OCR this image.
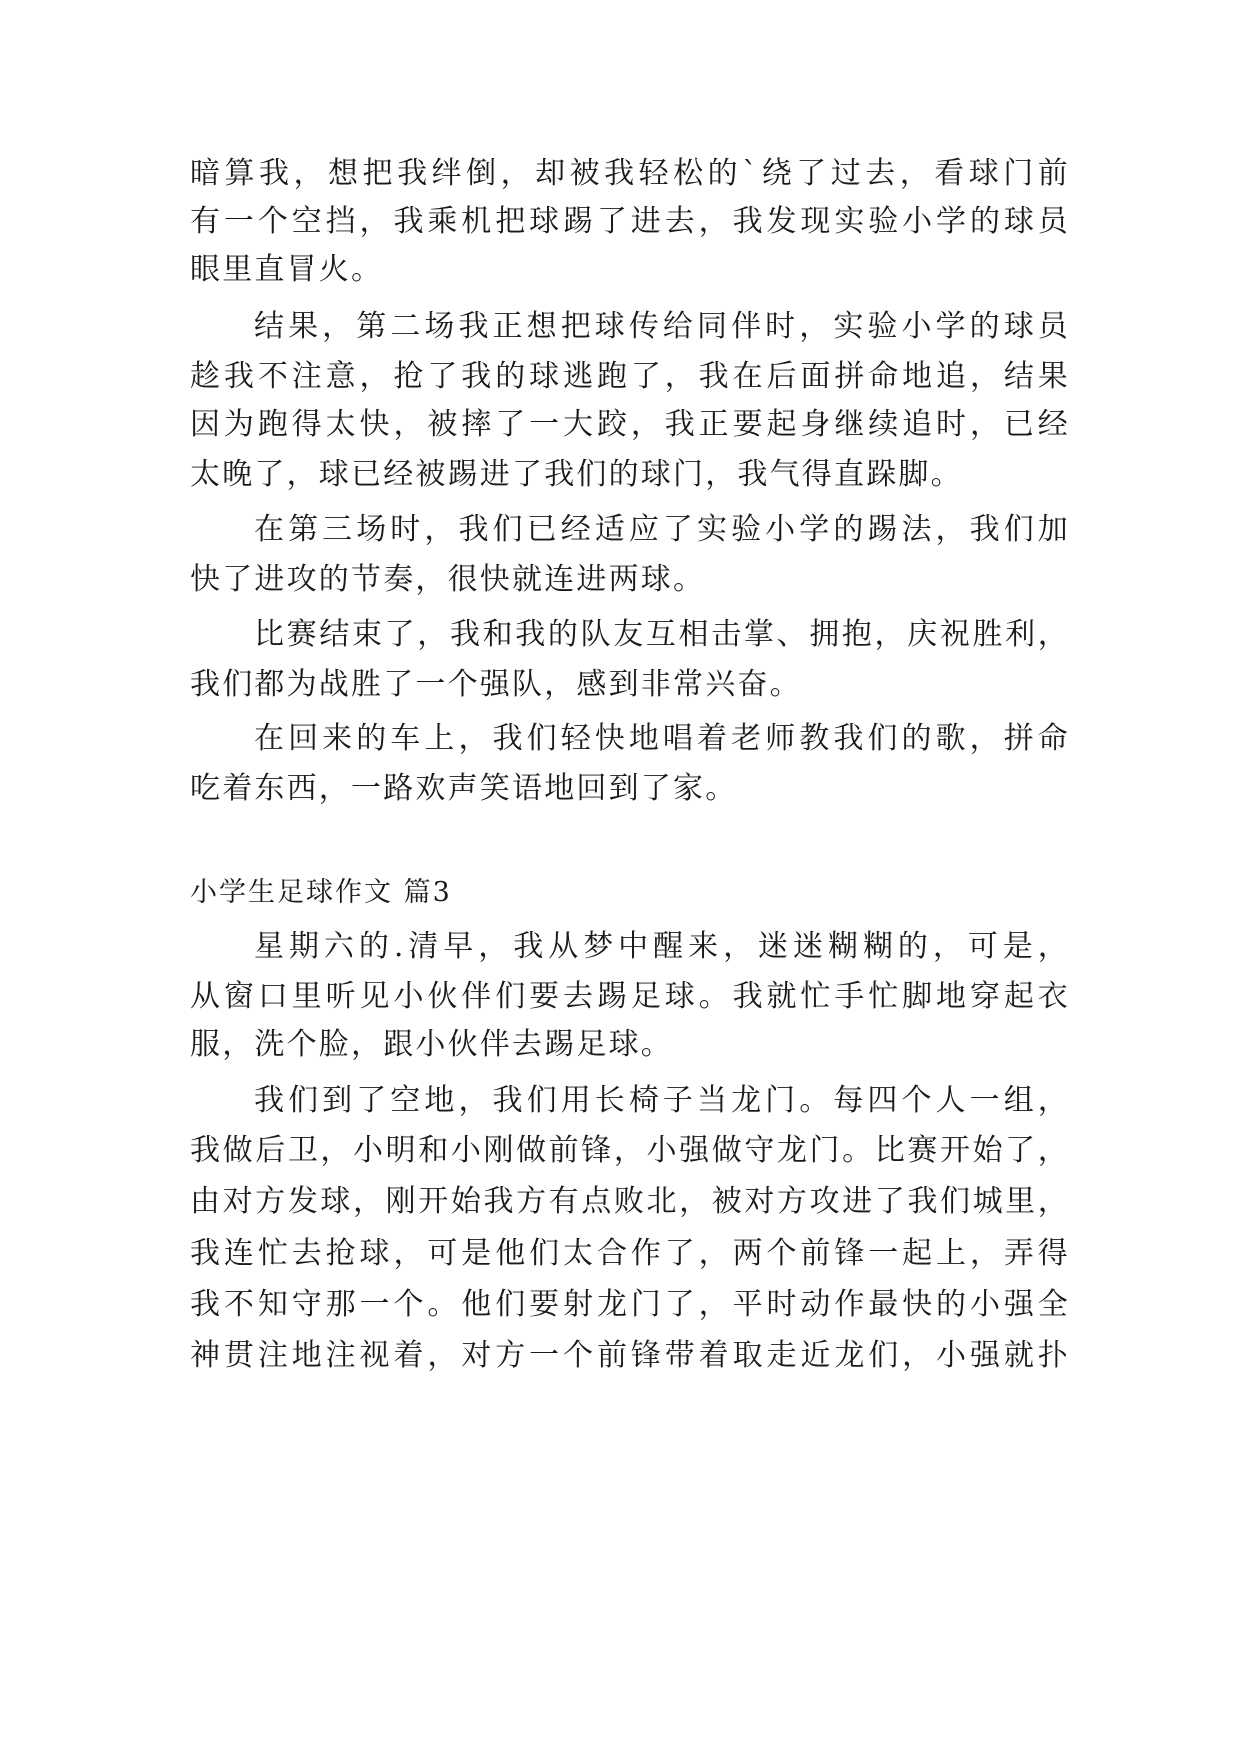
暗算我，想把我绊倒，却被我轻松的`绕了过去，看球门前
有一个空挡，我乘机把球踢了进去，我发现实验小学的球员
眼里直冒火。
结果，第二场我正想把球传给同伴时，实验小学的球员
趁我不注意，抢了我的球逃跑了，我在后面拼命地追，结果
因为跑得太快，被摔了一大跤，我正要起身继续追时，已经
太晚了，球已经被踢进了我们的球门，我气得直跺脚。
在第三场时，我们已经适应了实验小学的踢法，我们加
快了进攻的节奏，很快就连进两球。
比赛结束了，我和我的队友互相击掌、拥抱，庆祝胜利，
我们都为战胜了一个强队，感到非常兴奋。
在回来的车上，我们轻快地唱着老师教我们的歌，拼命
吃着东西，一路欢声笑语地回到了家。
小学生足球作文 篇3
星期六的.清早，我从梦中醒来，迷迷糊糊的，可是，
从窗口里听见小伙伴们要去踢足球。我就忙手忙脚地穿起衣
服，洗个脸，跟小伙伴去踢足球。
我们到了空地，我们用长椅子当龙门。每四个人一组，
我做后卫，小明和小刚做前锋，小强做守龙门。比赛开始了，
由对方发球，刚开始我方有点败北，被对方攻进了我们城里，
我连忙去抢球，可是他们太合作了，两个前锋一起上，弄得
我不知守那一个。他们要射龙门了，平时动作最快的小强全
神贯注地注视着，对方一个前锋带着取走近龙们，小强就扑
